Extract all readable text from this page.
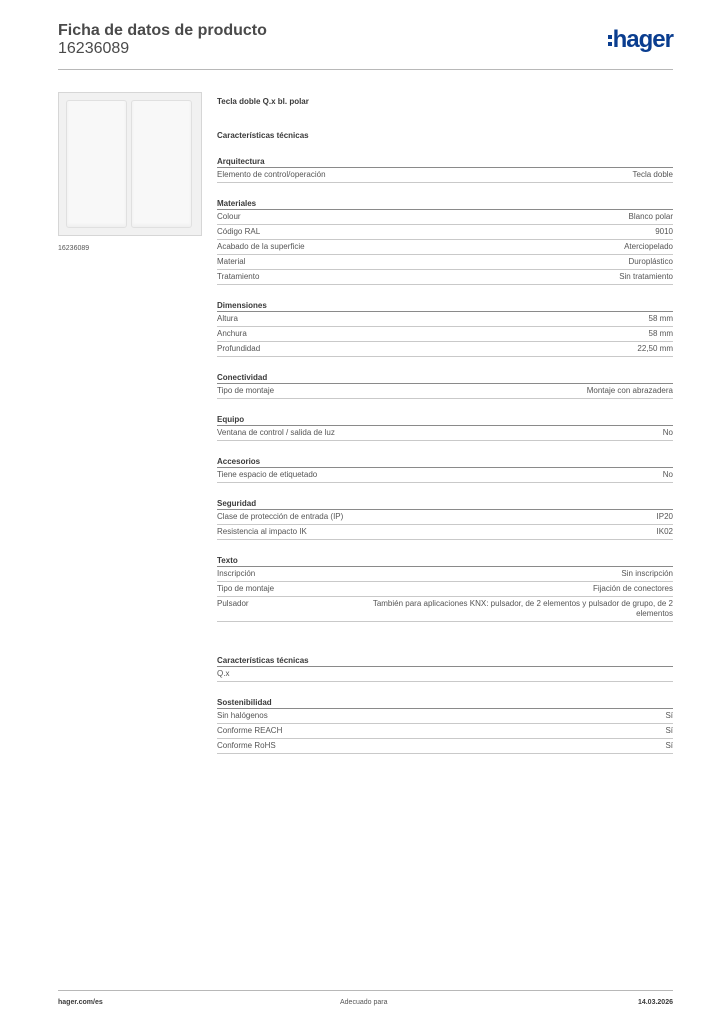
Ficha de datos de producto
16236089	hager
16236089
Tecla doble Q.x bl. polar
Características técnicas
Arquitectura
Elemento de control/operación	Tecla doble
Materiales
Colour	Blanco polar
Código RAL	9010
Acabado de la superficie	Aterciopelado
Material	Duroplástico
Tratamiento	Sin tratamiento
Dimensiones
Altura	58 mm
Anchura	58 mm
Profundidad	22,50 mm
Conectividad
Tipo de montaje	Montaje con abrazadera
Equipo
Ventana de control / salida de luz	No
Accesorios
Tiene espacio de etiquetado	No
Seguridad
Clase de protección de entrada (IP)	IP20
Resistencia al impacto IK	IK02
Texto
Inscripción	Sin inscripción
Tipo de montaje	Fijación de conectores
Pulsador	También para aplicaciones KNX: pulsador, de 2 elementos y pulsador de grupo, de 2 elementos
Características técnicas
Q.x
Sostenibilidad
Sin halógenos	Sí
Conforme REACH	Sí
Conforme RoHS	Sí
hager.com/es	Adecuado para	14.03.2026
